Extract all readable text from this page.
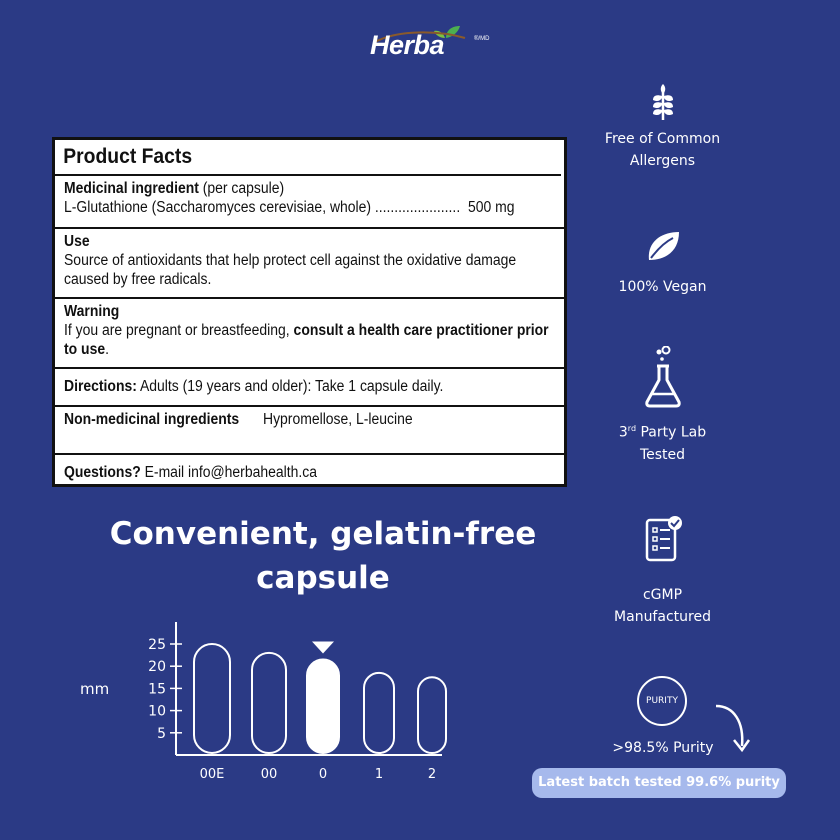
Herba	®/MD
Product Facts
Medicinal ingredient (per capsule)
L-Glutathione (Saccharomyces cerevisiae, whole) ...................... 500 mg
Use Source of antioxidants that help protect cell against the oxidative damage caused by free radicals.
Warning If you are pregnant or breastfeeding, consult a health care practitioner prior to use.
Directions: Adults (19 years and older): Take 1 capsule daily.
Non-medicinal ingredients Hypromellose, L-leucine
Questions? E-mail info@herbahealth.ca
Convenient, gelatin-free
capsule
mm
5
10
15
20
25
00E	00	0	1	2
Free of Common
Allergens
100% Vegan
3rd Party Lab
Tested
cGMP
Manufactured
PURITY
>98.5% Purity
Latest batch tested 99.6% purity
